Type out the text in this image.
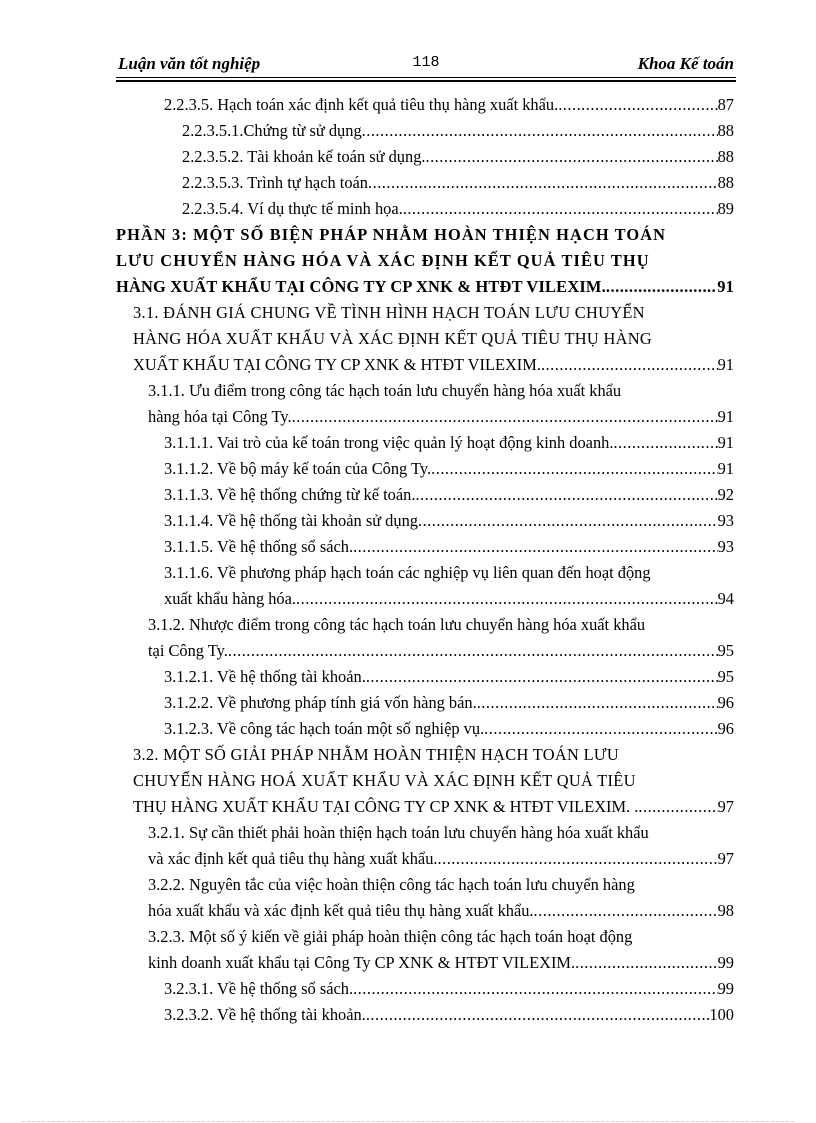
Luận văn tốt nghiệp	118	Khoa Kế toán
2.2.3.5. Hạch toán xác định kết quả tiêu thụ hàng xuất khẩu. .....	87
2.2.3.5.1.Chứng từ sử dụng .....	88
2.2.3.5.2. Tài khoản kế toán sử dụng. .....	88
2.2.3.5.3. Trình tự hạch toán .....	88
2.2.3.5.4. Ví dụ thực tế minh họa. .....	89
PHẦN 3: MỘT SỐ BIỆN PHÁP NHẰM HOÀN THIỆN HẠCH TOÁN
LƯU CHUYỂN HÀNG HÓA VÀ XÁC ĐỊNH KẾT QUẢ TIÊU THỤ
HÀNG XUẤT KHẨU TẠI CÔNG TY CP XNK & HTĐT VILEXIM. .....	91
3.1. ĐÁNH GIÁ CHUNG VỀ TÌNH HÌNH HẠCH TOÁN LƯU CHUYỂN
HÀNG HÓA XUẤT KHẨU VÀ XÁC ĐỊNH KẾT QUẢ TIÊU THỤ HÀNG
XUẤT KHẨU TẠI CÔNG TY CP XNK & HTĐT VILEXIM. .....	91
3.1.1. Ưu điểm trong công tác hạch toán lưu chuyển hàng hóa xuất khẩu
hàng hóa tại Công Ty. .....	91
3.1.1.1. Vai trò của kế toán trong việc quản lý hoạt động kinh doanh. .....	91
3.1.1.2. Về bộ máy kế toán của Công Ty. .....	91
3.1.1.3. Về hệ thống chứng từ kế toán. .....	92
3.1.1.4. Về hệ thống tài khoản sử dụng .....	93
3.1.1.5. Về hệ thống sổ sách. .....	93
3.1.1.6. Về phương pháp hạch toán các nghiệp vụ liên quan đến hoạt động
xuất khẩu hàng hóa. .....	94
3.1.2. Nhược điểm trong công tác hạch toán lưu chuyển hàng hóa xuất khẩu
tại Công Ty. .....	95
3.1.2.1. Về hệ thống tài khoản. .....	95
3.1.2.2. Về phương pháp tính giá vốn hàng bán. .....	96
3.1.2.3. Về công tác hạch toán một số nghiệp vụ. .....	96
3.2. MỘT SỐ GIẢI PHÁP NHẰM HOÀN THIỆN HẠCH TOÁN LƯU
CHUYỂN HÀNG HOÁ XUẤT KHẨU VÀ XÁC ĐỊNH KẾT QUẢ TIÊU
THỤ HÀNG XUẤT KHẨU TẠI CÔNG TY CP XNK & HTĐT VILEXIM. . .....	97
3.2.1. Sự cần thiết phải hoàn thiện hạch toán lưu chuyển hàng hóa xuất khẩu
và xác định kết quả tiêu thụ hàng xuất khẩu. .....	97
3.2.2. Nguyên tắc của việc hoàn thiện công tác hạch toán lưu chuyển hàng
hóa xuất khẩu và xác định kết quả tiêu thụ hàng xuất khẩu. .....	98
3.2.3. Một số ý kiến về giải pháp hoàn thiện công tác hạch toán hoạt động
kinh doanh xuất khẩu tại Công Ty CP XNK & HTĐT VILEXIM. .....	99
3.2.3.1. Về hệ thống sổ sách. .....	99
3.2.3.2. Về hệ thống tài khoản. .....	100
